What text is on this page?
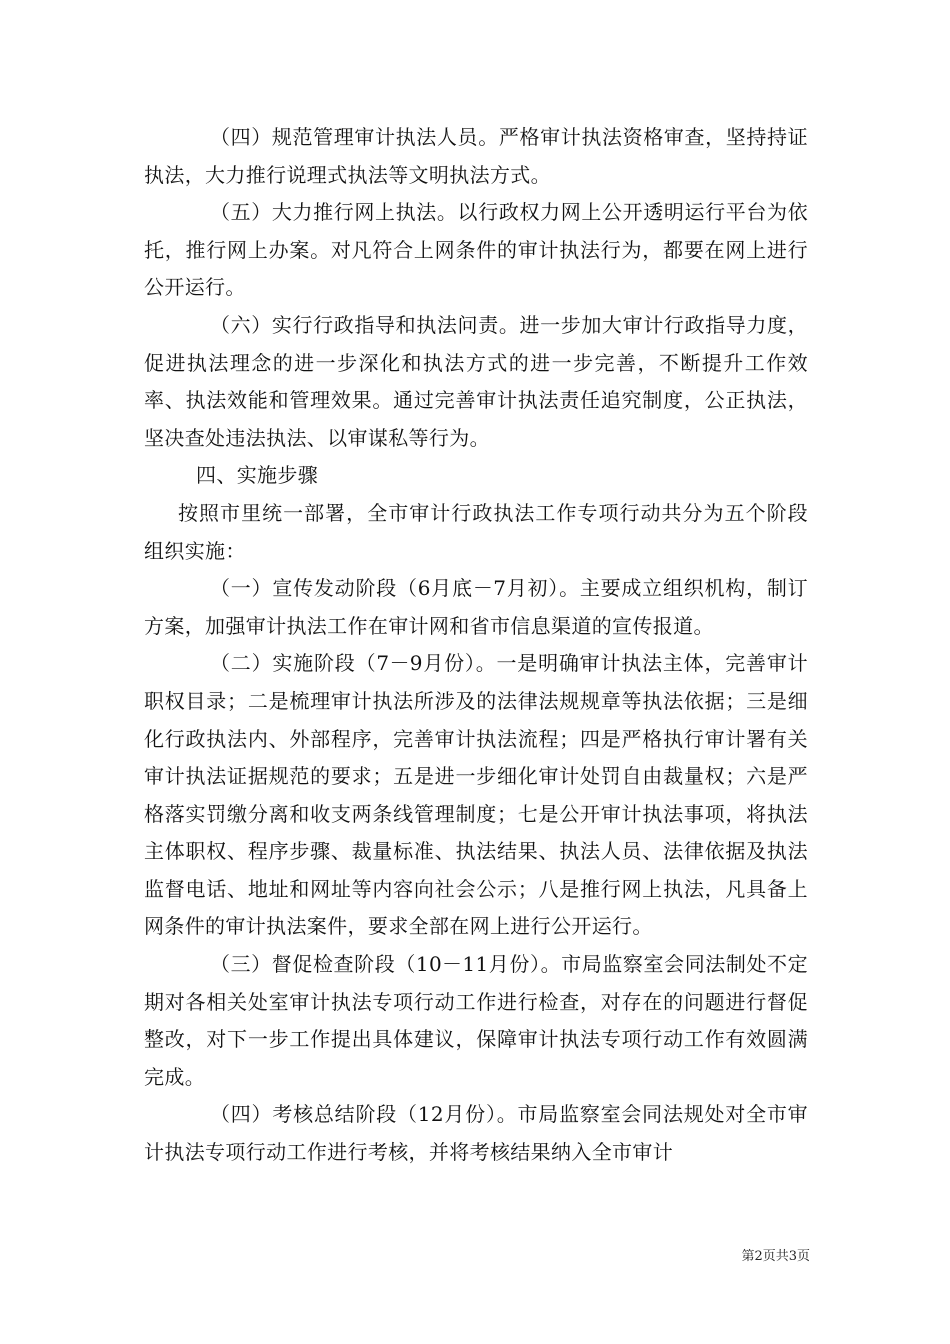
（四）规范管理审计执法人员。严格审计执法资格审查，坚持持证执法，大力推行说理式执法等文明执法方式。

（五）大力推行网上执法。以行政权力网上公开透明运行平台为依托，推行网上办案。对凡符合上网条件的审计执法行为，都要在网上进行公开运行。

（六）实行行政指导和执法问责。进一步加大审计行政指导力度，促进执法理念的进一步深化和执法方式的进一步完善，不断提升工作效率、执法效能和管理效果。通过完善审计执法责任追究制度，公正执法，坚决查处违法执法、以审谋私等行为。

四、实施步骤

按照市里统一部署，全市审计行政执法工作专项行动共分为五个阶段组织实施：

（一）宣传发动阶段（6月底－7月初）。主要成立组织机构，制订方案，加强审计执法工作在审计网和省市信息渠道的宣传报道。

（二）实施阶段（7－9月份）。一是明确审计执法主体，完善审计职权目录；二是梳理审计执法所涉及的法律法规规章等执法依据；三是细化行政执法内、外部程序，完善审计执法流程；四是严格执行审计署有关审计执法证据规范的要求；五是进一步细化审计处罚自由裁量权；六是严格落实罚缴分离和收支两条线管理制度；七是公开审计执法事项，将执法主体职权、程序步骤、裁量标准、执法结果、执法人员、法律依据及执法监督电话、地址和网址等内容向社会公示；八是推行网上执法，凡具备上网条件的审计执法案件，要求全部在网上进行公开运行。

（三）督促检查阶段（10－11月份）。市局监察室会同法制处不定期对各相关处室审计执法专项行动工作进行检查，对存在的问题进行督促整改，对下一步工作提出具体建议，保障审计执法专项行动工作有效圆满完成。

（四）考核总结阶段（12月份）。市局监察室会同法规处对全市审计执法专项行动工作进行考核，并将考核结果纳入全市审计

第2页共3页
